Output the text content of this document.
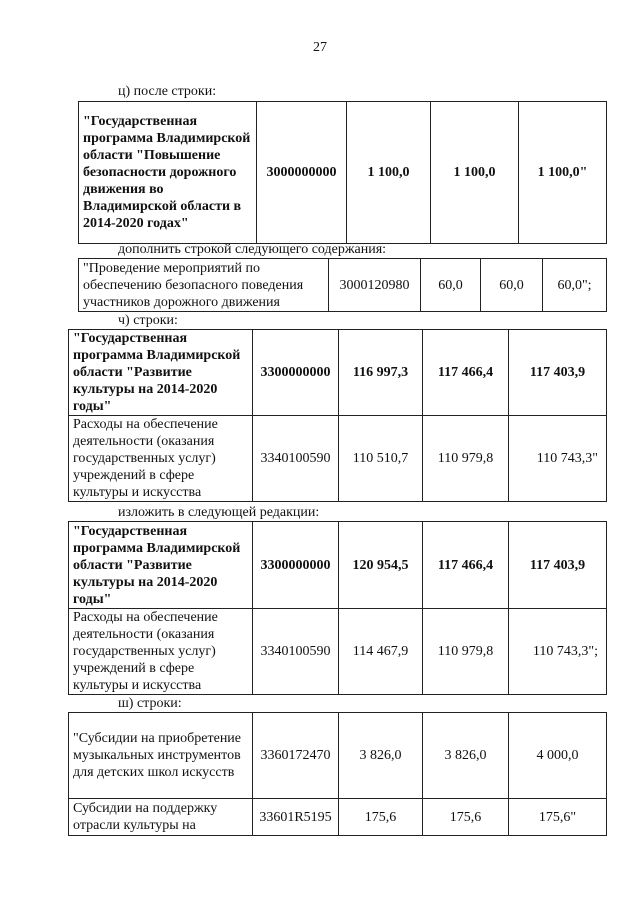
27
ц) после строки:
"Государственная программа Владимирской области "Повышение безопасности дорожного движения во Владимирской области в 2014-2020 годах"	3000000000	1 100,0	1 100,0	1 100,0"
дополнить строкой следующего содержания:
"Проведение мероприятий по обеспечению безопасного поведения участников дорожного движения	3000120980	60,0	60,0	60,0";
ч) строки:
"Государственная программа Владимирской области "Развитие культуры на 2014-2020 годы"	3300000000	116 997,3	117 466,4	117 403,9
Расходы на обеспечение деятельности (оказания государственных услуг) учреждений в сфере культуры и искусства	3340100590	110 510,7	110 979,8	110 743,3"
изложить в следующей редакции:
"Государственная программа Владимирской области "Развитие культуры на 2014-2020 годы"	3300000000	120 954,5	117 466,4	117 403,9
Расходы на обеспечение деятельности (оказания государственных услуг) учреждений в сфере культуры и искусства	3340100590	114 467,9	110 979,8	110 743,3";
ш) строки:
"Субсидии на приобретение музыкальных инструментов для детских школ искусств	3360172470	3 826,0	3 826,0	4 000,0
Субсидии на поддержку отрасли культуры на	33601R5195	175,6	175,6	175,6"
